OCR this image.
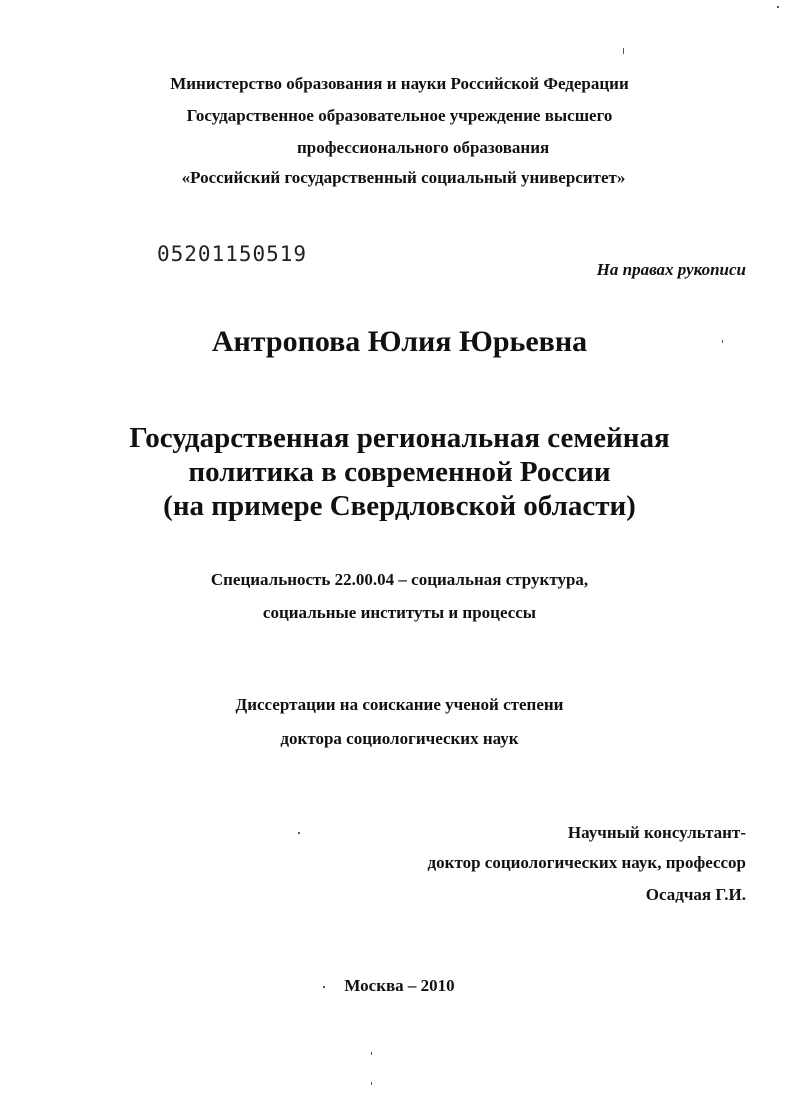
Министерство образования и науки Российской Федерации
Государственное образовательное учреждение высшего
профессионального образования
«Российский государственный социальный университет»
05201150519
На правах рукописи
Антропова Юлия Юрьевна
Государственная региональная семейная
политика в современной России
(на примере Свердловской области)
Специальность 22.00.04 – социальная структура,
социальные институты и процессы
Диссертации на соискание ученой степени
доктора социологических наук
Научный консультант-
доктор социологических наук, профессор
Осадчая Г.И.
Москва – 2010
